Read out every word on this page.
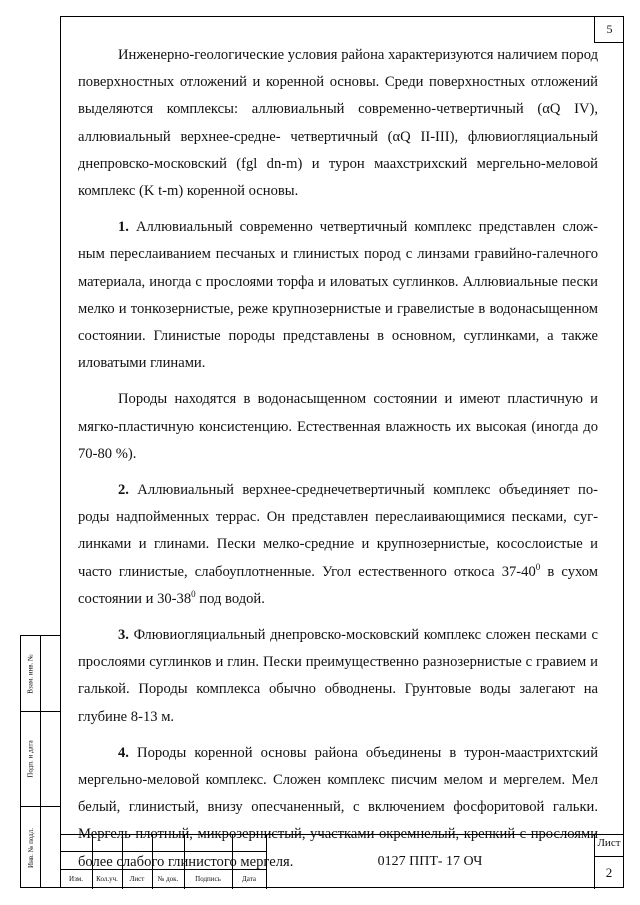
5

Инженерно-геологические условия района характеризуются наличием пород поверхностных отложений и коренной основы. Среди поверхностных отложений выделяются комплексы: аллювиальный современно-четвертичный (αQ IV), аллювиальный верхнее-средне- четвертичный (αQ II-III), флювиогляциальный днепровско-московский (fgl dn-m) и турон маахстрихский мергельно-меловой комплекс (K t-m) коренной основы.

1. Аллювиальный современно четвертичный комплекс представлен сложным переслаиванием песчаных и глинистых пород с линзами гравийно-галечного материала, иногда с прослоями торфа и иловатых суглинков. Аллювиальные пески мелко и тонкозернистые, реже крупнозернистые и гравелистые в водонасыщенном состоянии. Глинистые породы представлены в основном, суглинками, а также иловатыми глинами.

Породы находятся в водонасыщенном состоянии и имеют пластичную и мягко-пластичную консистенцию. Естественная влажность их высокая (иногда до 70-80 %).

2. Аллювиальный верхнее-среднечетвертичный комплекс объединяет породы надпойменных террас. Он представлен переслаивающимися песками, суглинками и глинами. Пески мелко-средние и крупнозернистые, косослоистые и часто глинистые, слабоуплотненные. Угол естественного откоса $37-40^0$ в сухом состоянии и $30-38^0$ под водой.

3. Флювиогляциальный днепровско-московский комплекс сложен песками с прослоями суглинков и глин. Пески преимущественно разнозернистые с гравием и галькой. Породы комплекса обычно обводнены. Грунтовые воды залегают на глубине 8-13 м.

4. Породы коренной основы района объединены в турон-маастрихтский мергельно-меловой комплекс. Сложен комплекс писчим мелом и мергелем. Мел белый, глинистый, внизу опесчаненный, с включением фосфоритовой гальки. Мергель плотный, микрозернистый, участками окремнелый, крепкий с прослоями более слабого глинистого мергеля.

Взам. инв. №
Подп. и дата
Инв. № подл.
Изм.	Кол.уч.	Лист	№ док.	Подпись	Дата
0127 ППТ- 17 ОЧ
Лист
2
